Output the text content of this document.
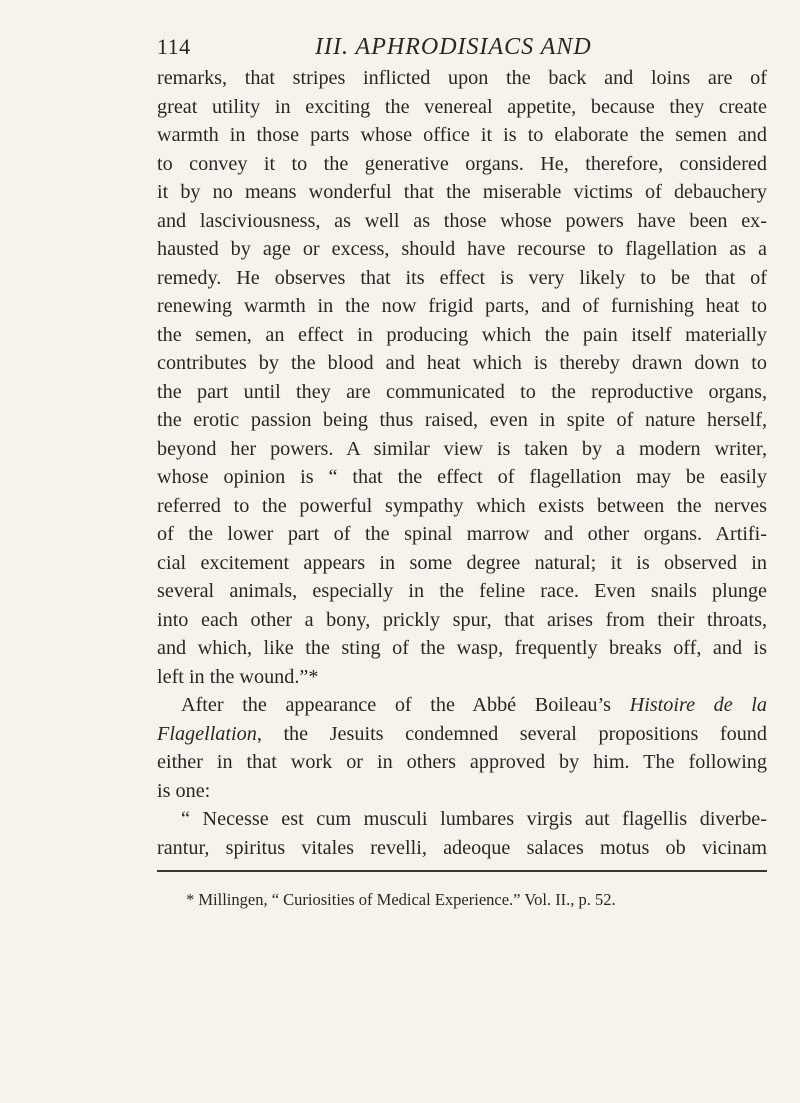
114	III. APHRODISIACS AND
remarks, that stripes inflicted upon the back and loins are of
great utility in exciting the venereal appetite, because they create
warmth in those parts whose office it is to elaborate the semen and
to convey it to the generative organs. He, therefore, considered
it by no means wonderful that the miserable victims of debauchery
and lasciviousness, as well as those whose powers have been ex-
hausted by age or excess, should have recourse to flagellation as a
remedy. He observes that its effect is very likely to be that of
renewing warmth in the now frigid parts, and of furnishing heat to
the semen, an effect in producing which the pain itself materially
contributes by the blood and heat which is thereby drawn down to
the part until they are communicated to the reproductive organs,
the erotic passion being thus raised, even in spite of nature herself,
beyond her powers. A similar view is taken by a modern writer,
whose opinion is “ that the effect of flagellation may be easily
referred to the powerful sympathy which exists between the nerves
of the lower part of the spinal marrow and other organs. Artifi-
cial excitement appears in some degree natural; it is observed in
several animals, especially in the feline race. Even snails plunge
into each other a bony, prickly spur, that arises from their throats,
and which, like the sting of the wasp, frequently breaks off, and is
left in the wound.”*
After the appearance of the Abbé Boileau’s Histoire de la
Flagellation, the Jesuits condemned several propositions found
either in that work or in others approved by him. The following
is one:
“ Necesse est cum musculi lumbares virgis aut flagellis diverbe-
rantur, spiritus vitales revelli, adeoque salaces motus ob vicinam
* Millingen, “ Curiosities of Medical Experience.” Vol. II., p. 52.
